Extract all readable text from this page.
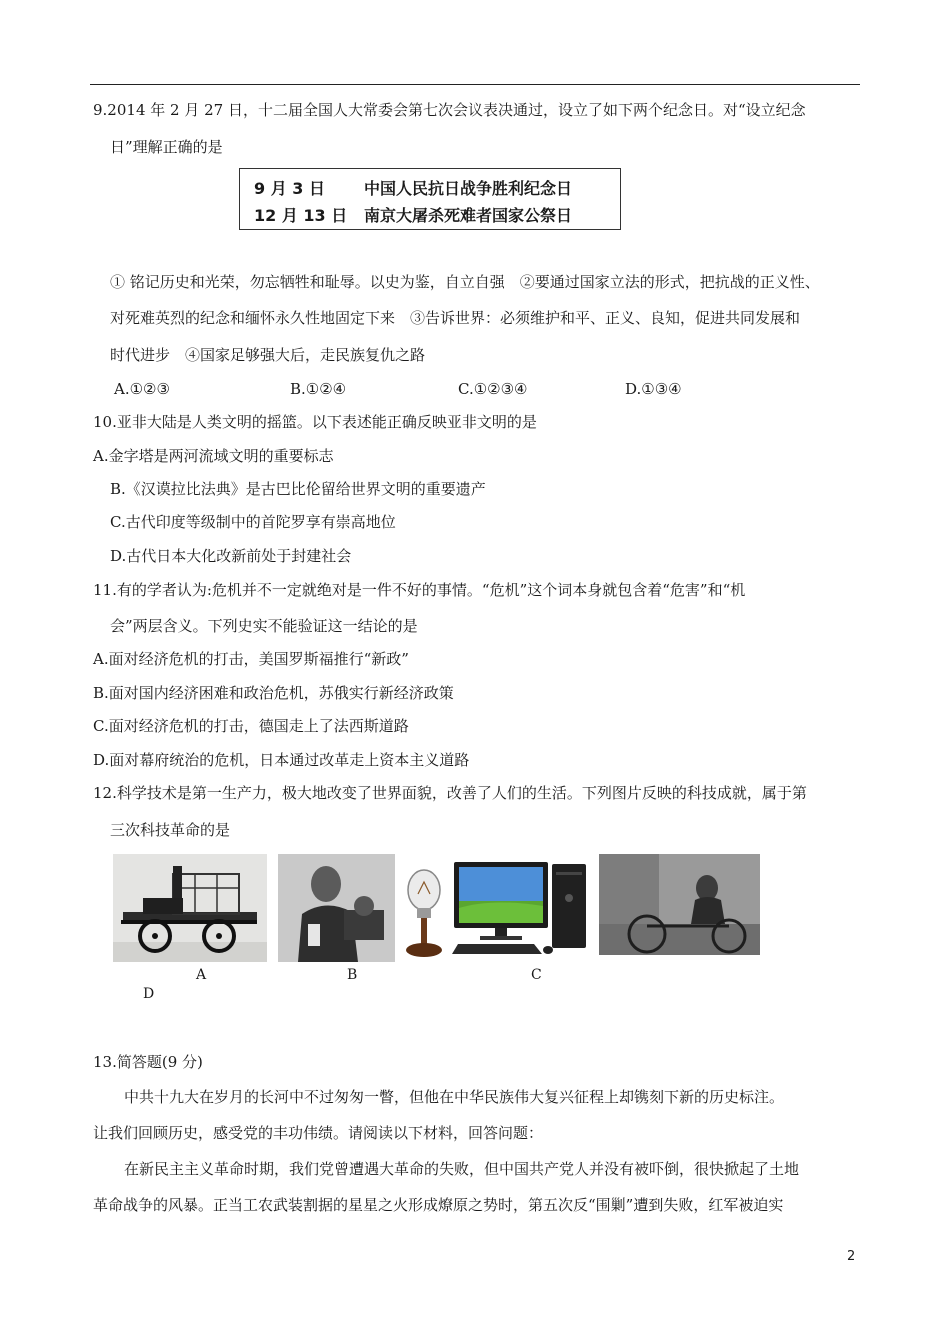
9.2014 年 2 月 27 日，十二届全国人大常委会第七次会议表决通过，设立了如下两个纪念日。对“设立纪念
日”理解正确的是
9 月 3 日 中国人民抗日战争胜利纪念日
12 月 13 日 南京大屠杀死难者国家公祭日
① 铭记历史和光荣，勿忘牺牲和耻辱。以史为鉴，自立自强　②要通过国家立法的形式，把抗战的正义性、
对死难英烈的纪念和缅怀永久性地固定下来　③告诉世界：必须维护和平、正义、良知，促进共同发展和
时代进步　④国家足够强大后，走民族复仇之路
A.①②③	B.①②④	C.①②③④	D.①③④
10.亚非大陆是人类文明的摇篮。以下表述能正确反映亚非文明的是
A.金字塔是两河流域文明的重要标志
B.《汉谟拉比法典》是古巴比伦留给世界文明的重要遗产
C.古代印度等级制中的首陀罗享有崇高地位
D.古代日本大化改新前处于封建社会
11.有的学者认为:危机并不一定就绝对是一件不好的事情。“危机”这个词本身就包含着“危害”和“机
会”两层含义。下列史实不能验证这一结论的是
A.面对经济危机的打击，美国罗斯福推行“新政”
B.面对国内经济困难和政治危机，苏俄实行新经济政策
C.面对经济危机的打击，德国走上了法西斯道路
D.面对幕府统治的危机，日本通过改革走上资本主义道路
12.科学技术是第一生产力，极大地改变了世界面貌，改善了人们的生活。下列图片反映的科技成就，属于第
三次科技革命的是
A	B	C
D
13.简答题(9 分)
中共十九大在岁月的长河中不过匆匆一瞥，但他在中华民族伟大复兴征程上却镌刻下新的历史标注。
让我们回顾历史，感受党的丰功伟绩。请阅读以下材料，回答问题：
在新民主主义革命时期，我们党曾遭遇大革命的失败，但中国共产党人并没有被吓倒，很快掀起了土地
革命战争的风暴。正当工农武装割据的星星之火形成燎原之势时，第五次反“围剿”遭到失败，红军被迫实
2
